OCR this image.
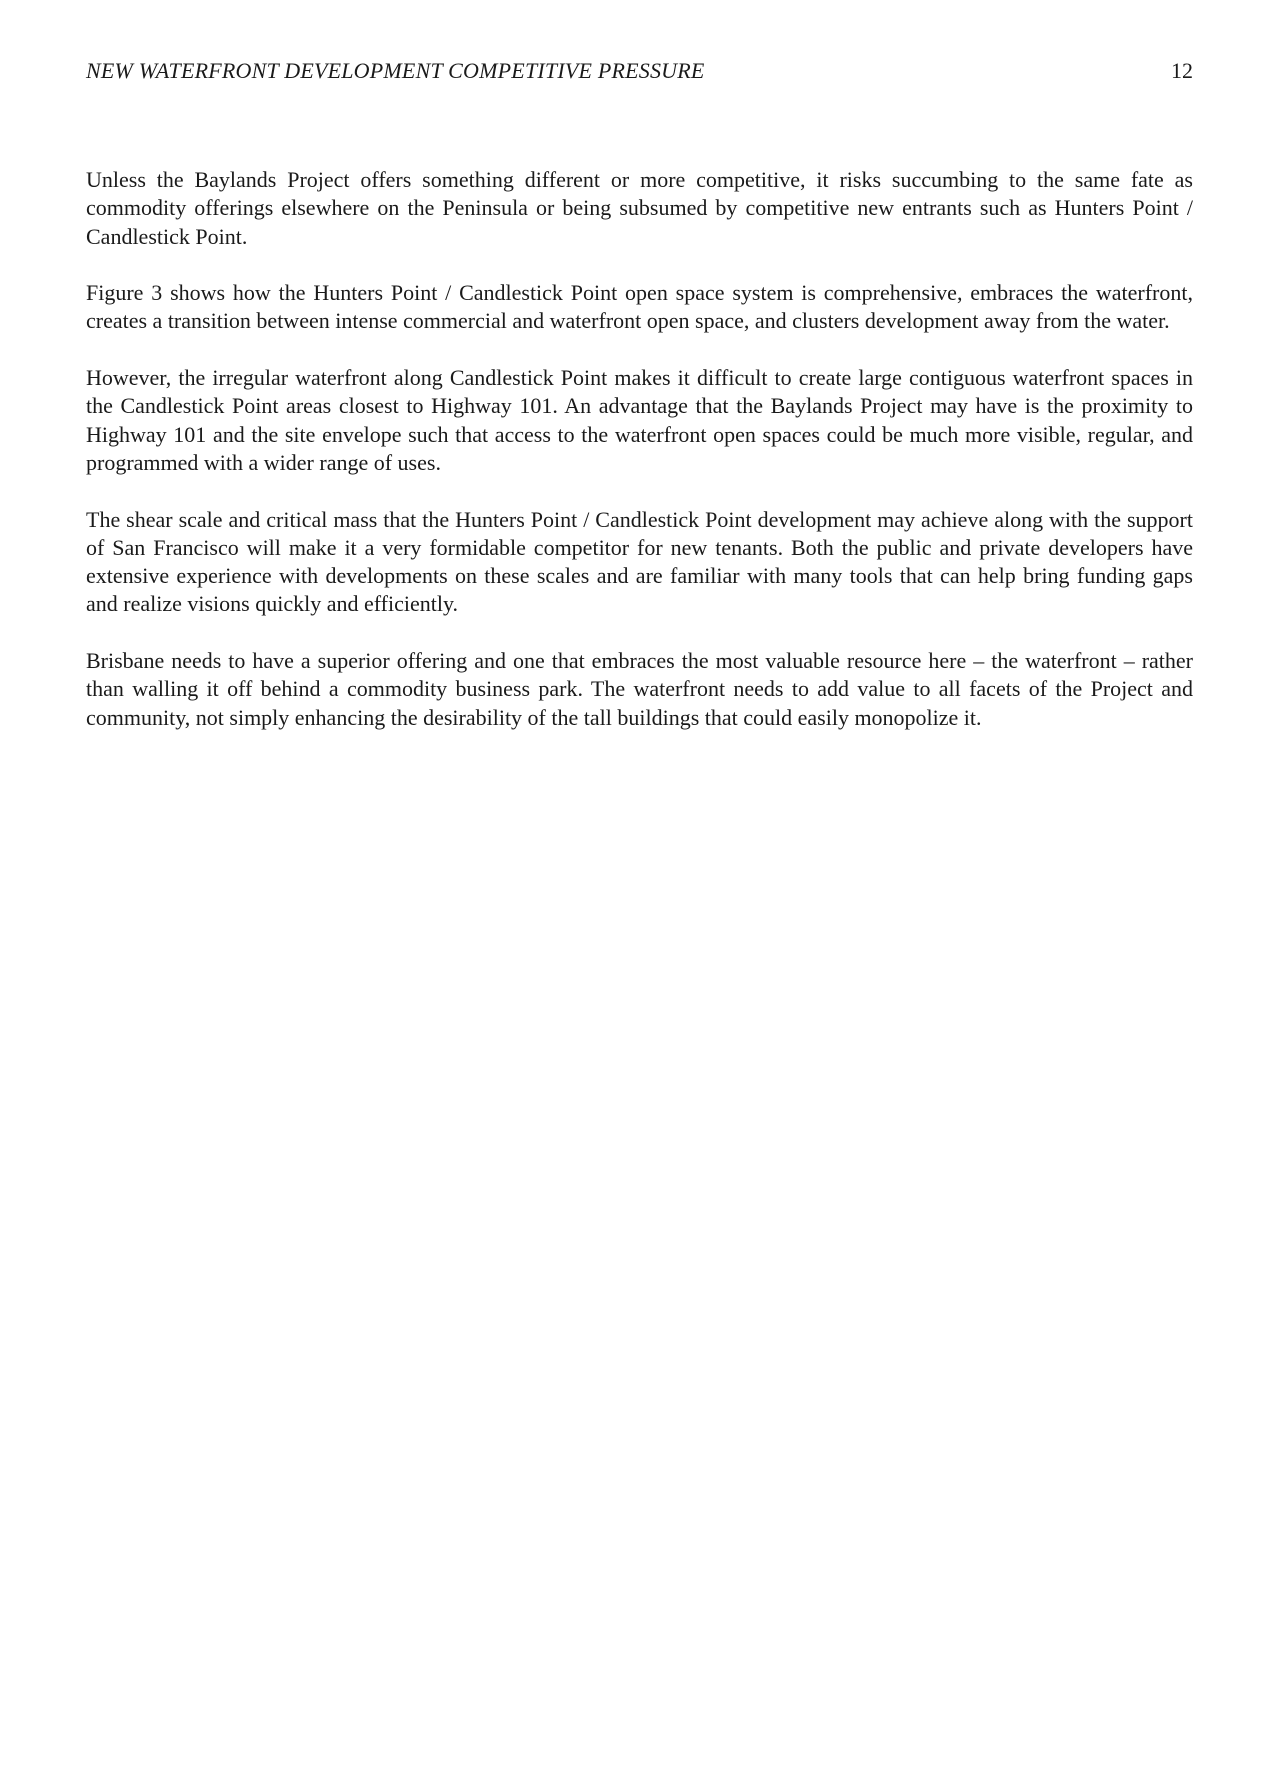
NEW WATERFRONT DEVELOPMENT COMPETITIVE PRESSURE	12

Unless the Baylands Project offers something different or more competitive, it risks succumbing to the same fate as commodity offerings elsewhere on the Peninsula or being subsumed by competitive new entrants such as Hunters Point / Candlestick Point.

Figure 3 shows how the Hunters Point / Candlestick Point open space system is comprehensive, embraces the waterfront, creates a transition between intense commercial and waterfront open space, and clusters development away from the water.

However, the irregular waterfront along Candlestick Point makes it difficult to create large contiguous waterfront spaces in the Candlestick Point areas closest to Highway 101. An advantage that the Baylands Project may have is the proximity to Highway 101 and the site envelope such that access to the waterfront open spaces could be much more visible, regular, and programmed with a wider range of uses.

The shear scale and critical mass that the Hunters Point / Candlestick Point development may achieve along with the support of San Francisco will make it a very formidable competitor for new tenants. Both the public and private developers have extensive experience with developments on these scales and are familiar with many tools that can help bring funding gaps and realize visions quickly and efficiently.

Brisbane needs to have a superior offering and one that embraces the most valuable resource here – the waterfront – rather than walling it off behind a commodity business park. The waterfront needs to add value to all facets of the Project and community, not simply enhancing the desirability of the tall buildings that could easily monopolize it.
